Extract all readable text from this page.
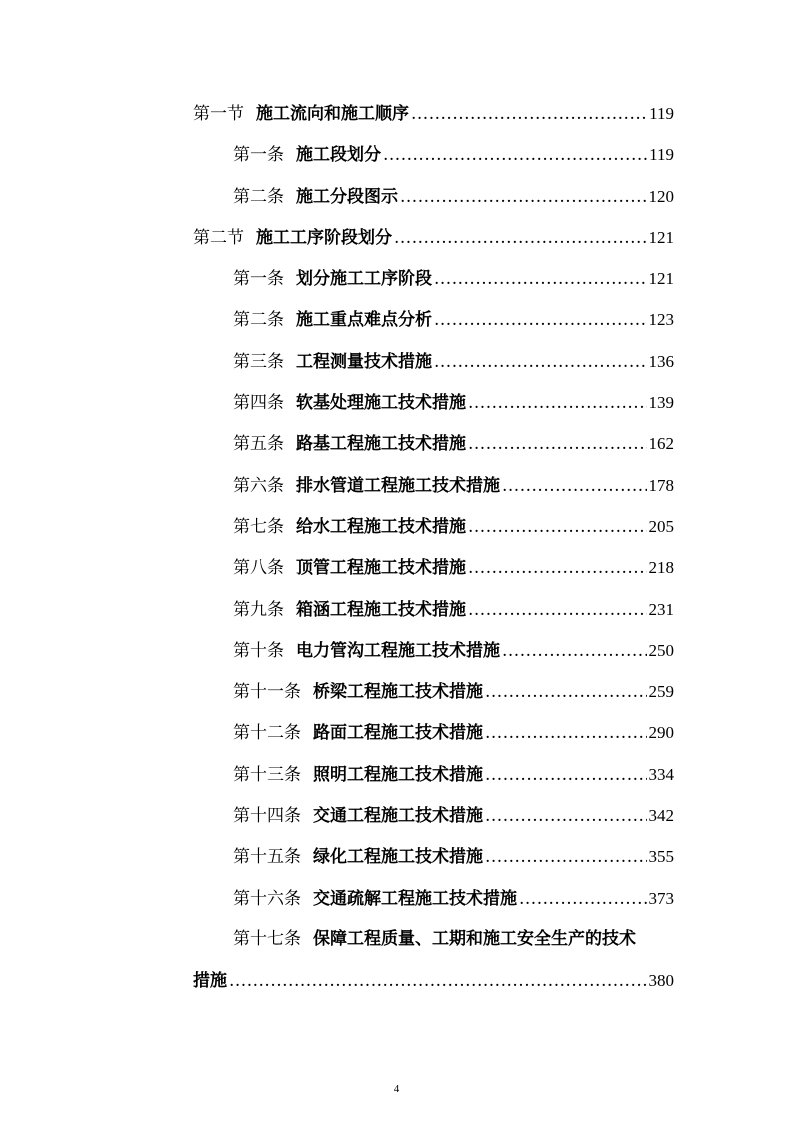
第一节 施工流向和施工顺序 .....	119
第一条 施工段划分 .....	119
第二条 施工分段图示 .....	120
第二节 施工工序阶段划分 .....	121
第一条 划分施工工序阶段 .....	121
第二条 施工重点难点分析 .....	123
第三条 工程测量技术措施 .....	136
第四条 软基处理施工技术措施 .....	139
第五条 路基工程施工技术措施 .....	162
第六条 排水管道工程施工技术措施 .....	178
第七条 给水工程施工技术措施 .....	205
第八条 顶管工程施工技术措施 .....	218
第九条 箱涵工程施工技术措施 .....	231
第十条 电力管沟工程施工技术措施 .....	250
第十一条 桥梁工程施工技术措施 .....	259
第十二条 路面工程施工技术措施 .....	290
第十三条 照明工程施工技术措施 .....	334
第十四条 交通工程施工技术措施 .....	342
第十五条 绿化工程施工技术措施 .....	355
第十六条 交通疏解工程施工技术措施 .....	373
第十七条 保障工程质量、工期和施工安全生产的技术
措施 .....	380
4
